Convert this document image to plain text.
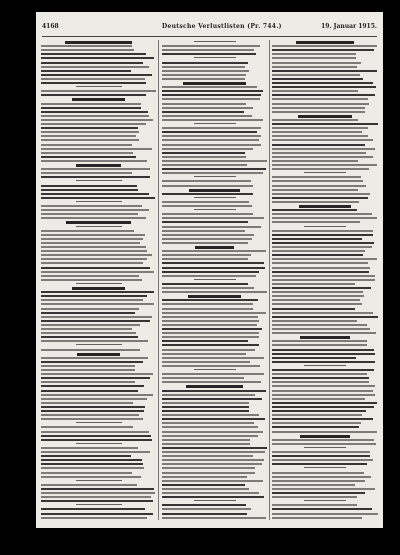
4168	Deutsche Verlustlisten (Pr. 744.)	19. Januar 1915.
